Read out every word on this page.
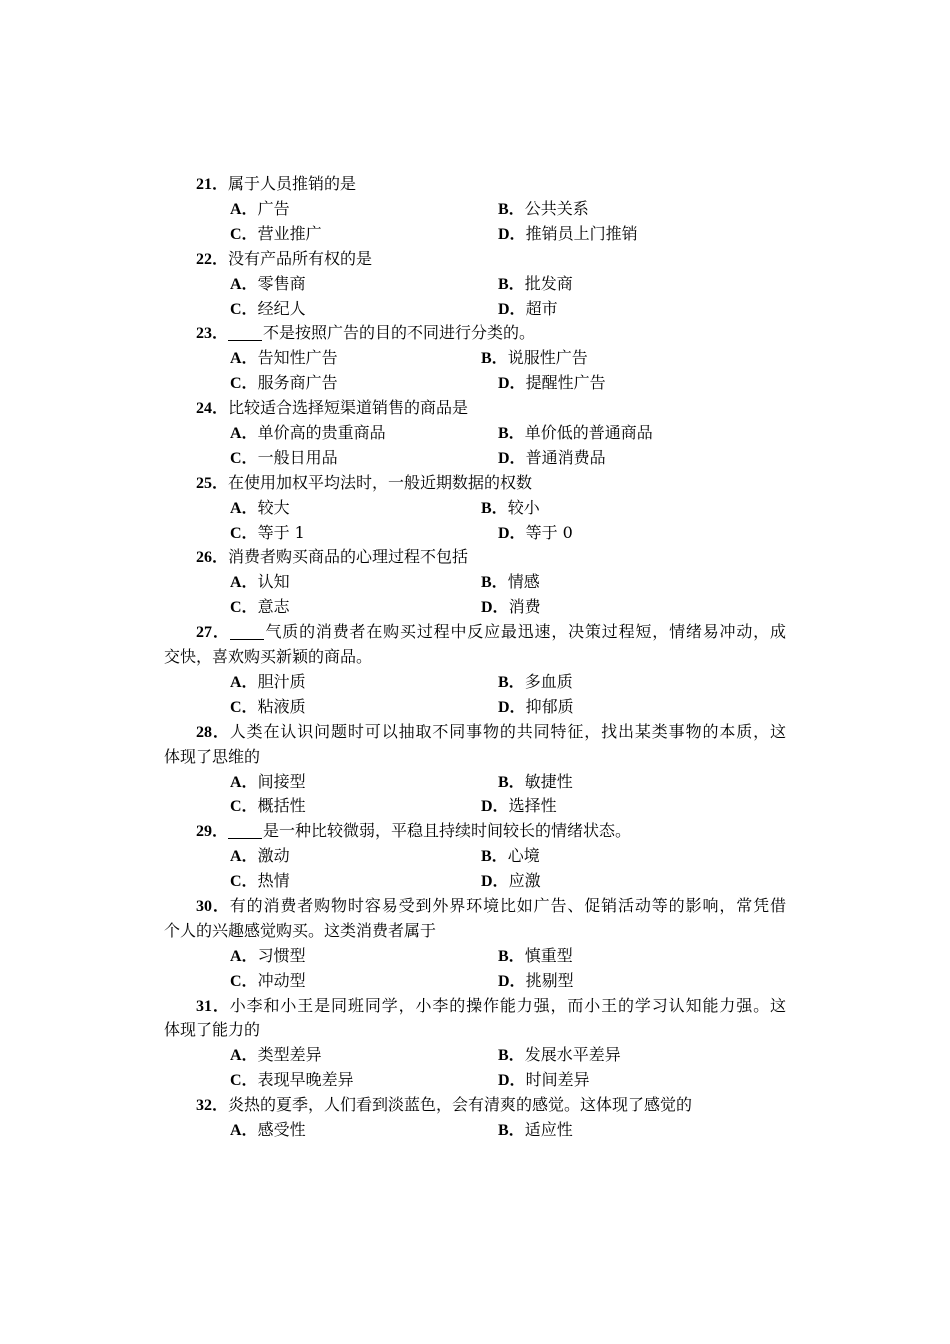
21．属于人员推销的是
A．广告	B．公共关系
C．营业推广	D．推销员上门推销
22．没有产品所有权的是
A．零售商	B．批发商
C．经纪人	D．超市
23． 不是按照广告的目的不同进行分类的。
A．告知性广告	B．说服性广告
C．服务商广告	D．提醒性广告
24．比较适合选择短渠道销售的商品是
A．单价高的贵重商品	B．单价低的普通商品
C．一般日用品	D．普通消费品
25．在使用加权平均法时，一般近期数据的权数
A．较大	B．较小
C．等于 1	D．等于 0
26．消费者购买商品的心理过程不包括
A．认知	B．情感
C．意志	D．消费
27． 气质的消费者在购买过程中反应最迅速，决策过程短，情绪易冲动，成
交快，喜欢购买新颖的商品。
A．胆汁质	B．多血质
C．粘液质	D．抑郁质
28．人类在认识问题时可以抽取不同事物的共同特征，找出某类事物的本质，这
体现了思维的
A．间接型	B．敏捷性
C．概括性	D．选择性
29． 是一种比较微弱，平稳且持续时间较长的情绪状态。
A．激动	B．心境
C．热情	D．应激
30．有的消费者购物时容易受到外界环境比如广告、促销活动等的影响，常凭借
个人的兴趣感觉购买。这类消费者属于
A．习惯型	B．慎重型
C．冲动型	D．挑剔型
31．小李和小王是同班同学，小李的操作能力强，而小王的学习认知能力强。这
体现了能力的
A．类型差异	B．发展水平差异
C．表现早晚差异	D．时间差异
32．炎热的夏季，人们看到淡蓝色，会有清爽的感觉。这体现了感觉的
A．感受性	B．适应性
